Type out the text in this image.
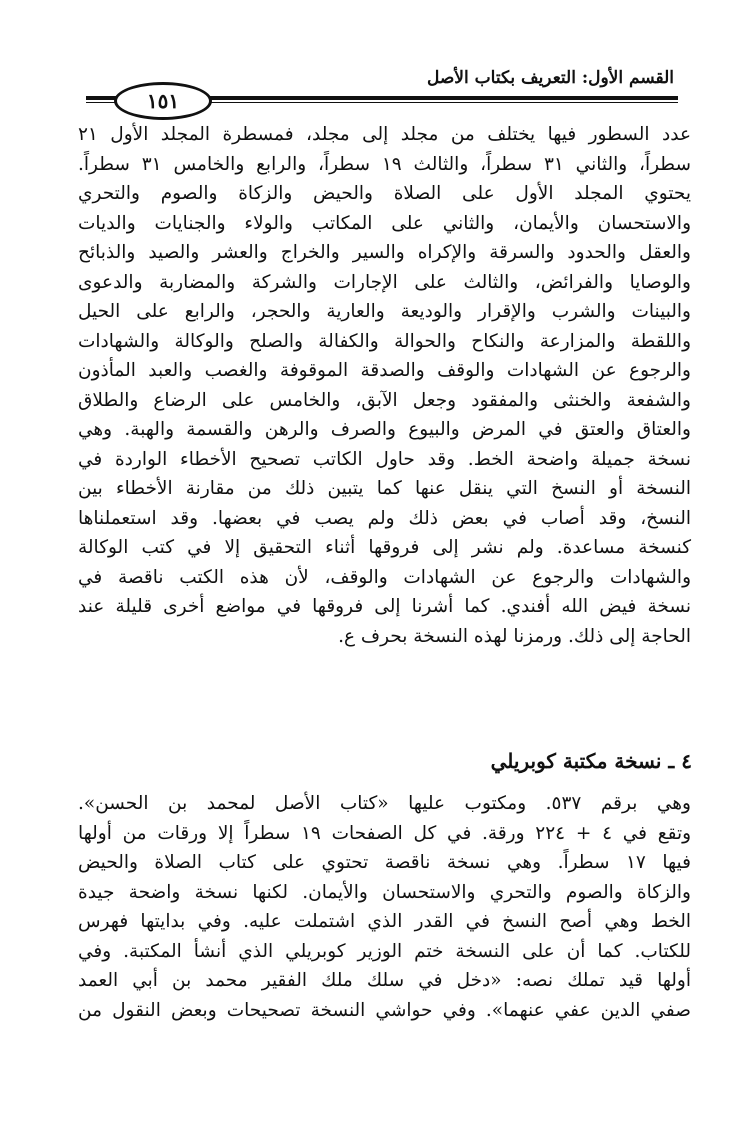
القسم الأول: التعريف بكتاب الأصل
١٥١
عدد السطور فيها يختلف من مجلد إلى مجلد، فمسطرة المجلد الأول ٢١
سطراً، والثاني ٣١ سطراً، والثالث ١٩ سطراً، والرابع والخامس ٣١ سطراً.
يحتوي المجلد الأول على الصلاة والحيض والزكاة والصوم والتحري
والاستحسان والأيمان، والثاني على المكاتب والولاء والجنايات والديات
والعقل والحدود والسرقة والإكراه والسير والخراج والعشر والصيد والذبائح
والوصايا والفرائض، والثالث على الإجارات والشركة والمضاربة والدعوى
والبينات والشرب والإقرار والوديعة والعارية والحجر، والرابع على الحيل
واللقطة والمزارعة والنكاح والحوالة والكفالة والصلح والوكالة والشهادات
والرجوع عن الشهادات والوقف والصدقة الموقوفة والغصب والعبد المأذون
والشفعة والخنثى والمفقود وجعل الآبق، والخامس على الرضاع والطلاق
والعتاق والعتق في المرض والبيوع والصرف والرهن والقسمة والهبة. وهي
نسخة جميلة واضحة الخط. وقد حاول الكاتب تصحيح الأخطاء الواردة في
النسخة أو النسخ التي ينقل عنها كما يتبين ذلك من مقارنة الأخطاء بين
النسخ، وقد أصاب في بعض ذلك ولم يصب في بعضها. وقد استعملناها
كنسخة مساعدة. ولم نشر إلى فروقها أثناء التحقيق إلا في كتب الوكالة
والشهادات والرجوع عن الشهادات والوقف، لأن هذه الكتب ناقصة في
نسخة فيض الله أفندي. كما أشرنا إلى فروقها في مواضع أخرى قليلة عند
الحاجة إلى ذلك. ورمزنا لهذه النسخة بحرف ع.
٤ ـ نسخة مكتبة كوبريلي
وهي برقم ٥٣٧. ومكتوب عليها «كتاب الأصل لمحمد بن الحسن».
وتقع في ٤ + ٢٢٤ ورقة. في كل الصفحات ١٩ سطراً إلا ورقات من أولها
فيها ١٧ سطراً. وهي نسخة ناقصة تحتوي على كتاب الصلاة والحيض
والزكاة والصوم والتحري والاستحسان والأيمان. لكنها نسخة واضحة جيدة
الخط وهي أصح النسخ في القدر الذي اشتملت عليه. وفي بدايتها فهرس
للكتاب. كما أن على النسخة ختم الوزير كوبريلي الذي أنشأ المكتبة. وفي
أولها قيد تملك نصه: «دخل في سلك ملك الفقير محمد بن أبي العمد
صفي الدين عفي عنهما». وفي حواشي النسخة تصحيحات وبعض النقول من
